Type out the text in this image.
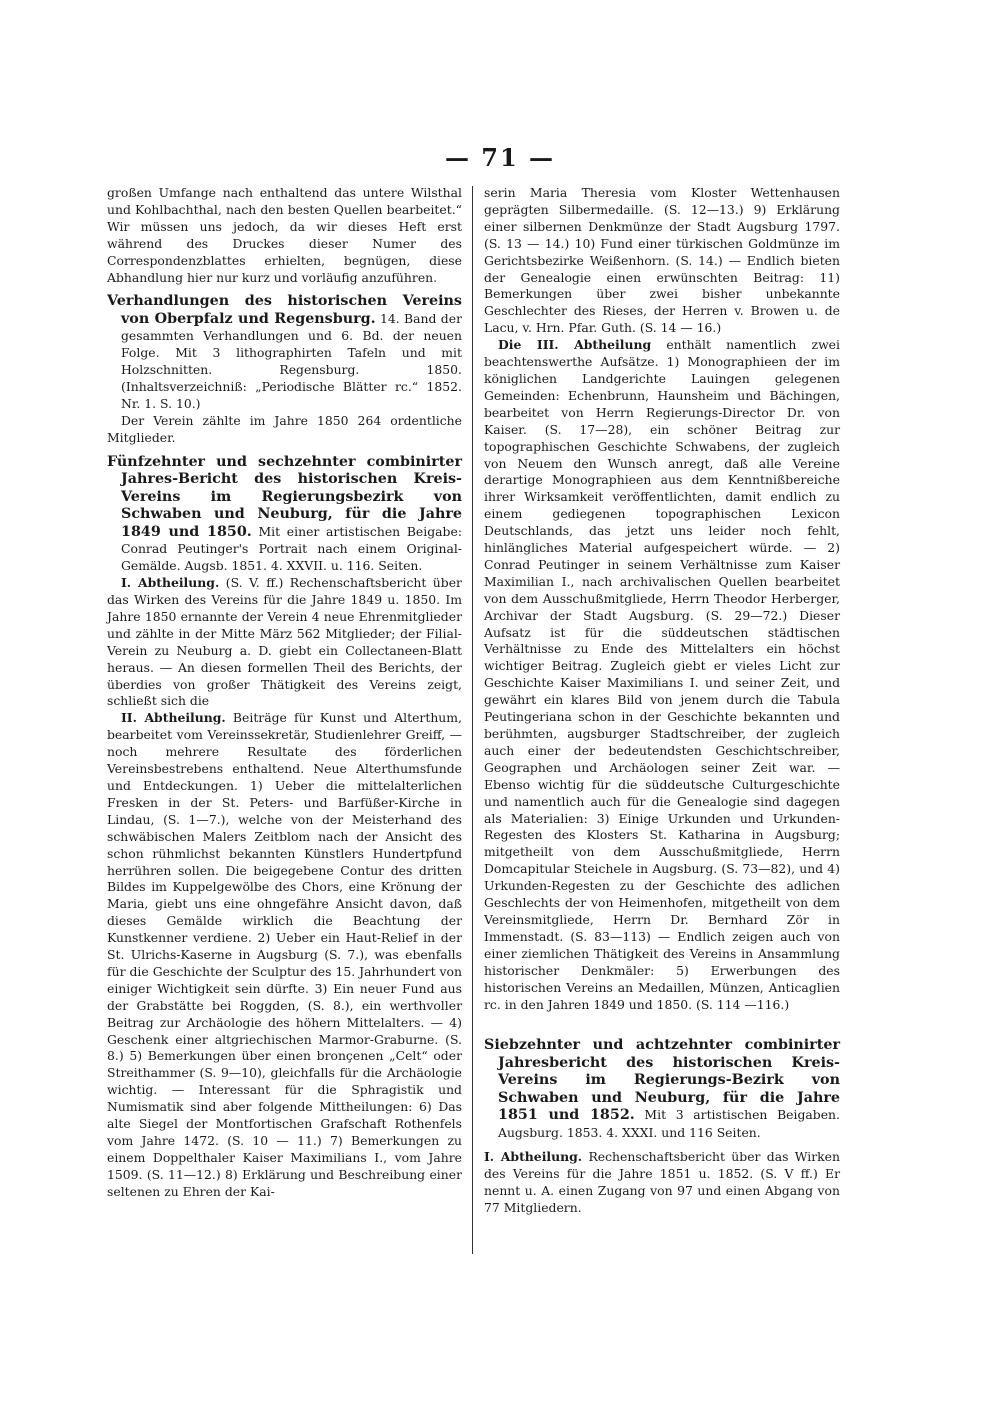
— 71 —

großen Umfange nach enthaltend das untere Wilsthal und Kohlbachthal, nach den besten Quellen bearbeitet.“ Wir müssen uns jedoch, da wir dieses Heft erst während des Druckes dieser Numer des Correspondenzblattes erhielten, begnügen, diese Abhandlung hier nur kurz und vorläufig anzuführen.

Verhandlungen des historischen Vereins von Oberpfalz und Regensburg. 14. Band der gesammten Verhandlungen und 6. Bd. der neuen Folge. Mit 3 lithographirten Tafeln und mit Holzschnitten. Regensburg. 1850. (Inhaltsverzeichniß: „Periodische Blätter rc.“ 1852. Nr. 1. S. 10.)

Der Verein zählte im Jahre 1850 264 ordentliche Mitglieder.

Fünfzehnter und sechzehnter combinirter Jahres-Bericht des historischen Kreis-Vereins im Regierungsbezirk von Schwaben und Neuburg, für die Jahre 1849 und 1850. Mit einer artistischen Beigabe: Conrad Peutinger's Portrait nach einem Original-Gemälde. Augsb. 1851. 4. XXVII. u. 116. Seiten.

I. Abtheilung. (S. V. ff.) Rechenschaftsbericht über das Wirken des Vereins für die Jahre 1849 u. 1850. Im Jahre 1850 ernannte der Verein 4 neue Ehrenmitglieder und zählte in der Mitte März 562 Mitglieder; der Filial-Verein zu Neuburg a. D. giebt ein Collectaneen-Blatt heraus. — An diesen formellen Theil des Berichts, der überdies von großer Thätigkeit des Vereins zeigt, schließt sich die

II. Abtheilung. Beiträge für Kunst und Alterthum, bearbeitet vom Vereinssekretär, Studienlehrer Greiff, — noch mehrere Resultate des förderlichen Vereinsbestrebens enthaltend. Neue Alterthumsfunde und Entdeckungen. 1) Ueber die mittelalterlichen Fresken in der St. Peters- und Barfüßer-Kirche in Lindau, (S. 1—7.), welche von der Meisterhand des schwäbischen Malers Zeitblom nach der Ansicht des schon rühmlichst bekannten Künstlers Hundertpfund herrühren sollen. Die beigegebene Contur des dritten Bildes im Kuppelgewölbe des Chors, eine Krönung der Maria, giebt uns eine ohngefähre Ansicht davon, daß dieses Gemälde wirklich die Beachtung der Kunstkenner verdiene. 2) Ueber ein Haut-Relief in der St. Ulrichs-Kaserne in Augsburg (S. 7.), was ebenfalls für die Geschichte der Sculptur des 15. Jahrhundert von einiger Wichtigkeit sein dürfte. 3) Ein neuer Fund aus der Grabstätte bei Roggden, (S. 8.), ein werthvoller Beitrag zur Archäologie des höhern Mittelalters. — 4) Geschenk einer altgriechischen Marmor-Graburne. (S. 8.) 5) Bemerkungen über einen bronçenen „Celt“ oder Streithammer (S. 9—10), gleichfalls für die Archäologie wichtig. — Interessant für die Sphragistik und Numismatik sind aber folgende Mittheilungen: 6) Das alte Siegel der Montfortischen Grafschaft Rothenfels vom Jahre 1472. (S. 10 — 11.) 7) Bemerkungen zu einem Doppelthaler Kaiser Maximilians I., vom Jahre 1509. (S. 11—12.) 8) Erklärung und Beschreibung einer seltenen zu Ehren der Kai-

serin Maria Theresia vom Kloster Wettenhausen geprägten Silbermedaille. (S. 12—13.) 9) Erklärung einer silbernen Denkmünze der Stadt Augsburg 1797. (S. 13 — 14.) 10) Fund einer türkischen Goldmünze im Gerichtsbezirke Weißenhorn. (S. 14.) — Endlich bieten der Genealogie einen erwünschten Beitrag: 11) Bemerkungen über zwei bisher unbekannte Geschlechter des Rieses, der Herren v. Browen u. de Lacu, v. Hrn. Pfar. Guth. (S. 14 — 16.)

Die III. Abtheilung enthält namentlich zwei beachtenswerthe Aufsätze. 1) Monographieen der im königlichen Landgerichte Lauingen gelegenen Gemeinden: Echenbrunn, Haunsheim und Bächingen, bearbeitet von Herrn Regierungs-Director Dr. von Kaiser. (S. 17—28), ein schöner Beitrag zur topographischen Geschichte Schwabens, der zugleich von Neuem den Wunsch anregt, daß alle Vereine derartige Monographieen aus dem Kenntnißbereiche ihrer Wirksamkeit veröffentlichten, damit endlich zu einem gediegenen topographischen Lexicon Deutschlands, das jetzt uns leider noch fehlt, hinlängliches Material aufgespeichert würde. — 2) Conrad Peutinger in seinem Verhältnisse zum Kaiser Maximilian I., nach archivalischen Quellen bearbeitet von dem Ausschußmitgliede, Herrn Theodor Herberger, Archivar der Stadt Augsburg. (S. 29—72.) Dieser Aufsatz ist für die süddeutschen städtischen Verhältnisse zu Ende des Mittelalters ein höchst wichtiger Beitrag. Zugleich giebt er vieles Licht zur Geschichte Kaiser Maximilians I. und seiner Zeit, und gewährt ein klares Bild von jenem durch die Tabula Peutingeriana schon in der Geschichte bekannten und berühmten, augsburger Stadtschreiber, der zugleich auch einer der bedeutendsten Geschichtschreiber, Geographen und Archäologen seiner Zeit war. — Ebenso wichtig für die süddeutsche Culturgeschichte und namentlich auch für die Genealogie sind dagegen als Materialien: 3) Einige Urkunden und Urkunden-Regesten des Klosters St. Katharina in Augsburg; mitgetheilt von dem Ausschußmitgliede, Herrn Domcapitular Steichele in Augsburg. (S. 73—82), und 4) Urkunden-Regesten zu der Geschichte des adlichen Geschlechts der von Heimenhofen, mitgetheilt von dem Vereinsmitgliede, Herrn Dr. Bernhard Zör in Immenstadt. (S. 83—113) — Endlich zeigen auch von einer ziemlichen Thätigkeit des Vereins in Ansammlung historischer Denkmäler: 5) Erwerbungen des historischen Vereins an Medaillen, Münzen, Anticaglien rc. in den Jahren 1849 und 1850. (S. 114 —116.)

Siebzehnter und achtzehnter combinirter Jahresbericht des historischen Kreis-Vereins im Regierungs-Bezirk von Schwaben und Neuburg, für die Jahre 1851 und 1852. Mit 3 artistischen Beigaben. Augsburg. 1853. 4. XXXI. und 116 Seiten.

I. Abtheilung. Rechenschaftsbericht über das Wirken des Vereins für die Jahre 1851 u. 1852. (S. V ff.) Er nennt u. A. einen Zugang von 97 und einen Abgang von 77 Mitgliedern.
